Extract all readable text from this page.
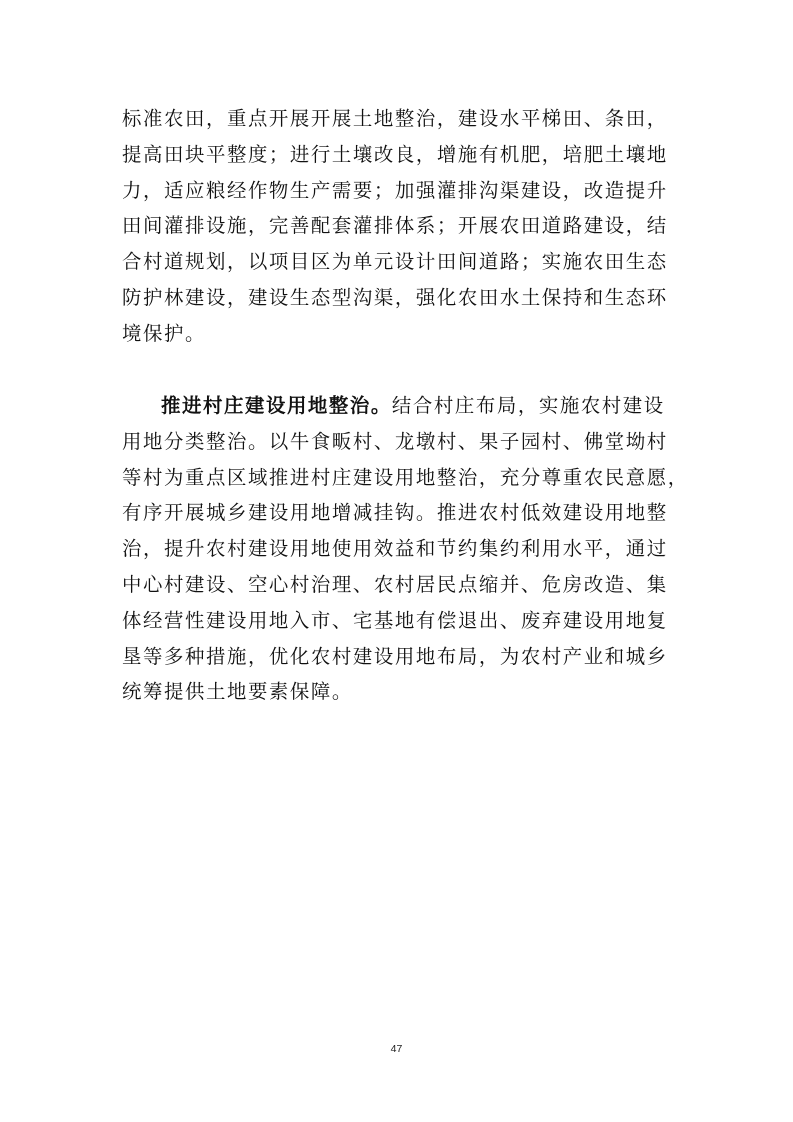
标准农田，重点开展开展土地整治，建设水平梯田、条田，
提高田块平整度；进行土壤改良，增施有机肥，培肥土壤地
力，适应粮经作物生产需要；加强灌排沟渠建设，改造提升
田间灌排设施，完善配套灌排体系；开展农田道路建设，结
合村道规划，以项目区为单元设计田间道路；实施农田生态
防护林建设，建设生态型沟渠，强化农田水土保持和生态环
境保护。
推进村庄建设用地整治。结合村庄布局，实施农村建设
用地分类整治。以牛食畈村、龙墩村、果子园村、佛堂坳村
等村为重点区域推进村庄建设用地整治，充分尊重农民意愿，
有序开展城乡建设用地增减挂钩。推进农村低效建设用地整
治，提升农村建设用地使用效益和节约集约利用水平，通过
中心村建设、空心村治理、农村居民点缩并、危房改造、集
体经营性建设用地入市、宅基地有偿退出、废弃建设用地复
垦等多种措施，优化农村建设用地布局，为农村产业和城乡
统筹提供土地要素保障。
47
